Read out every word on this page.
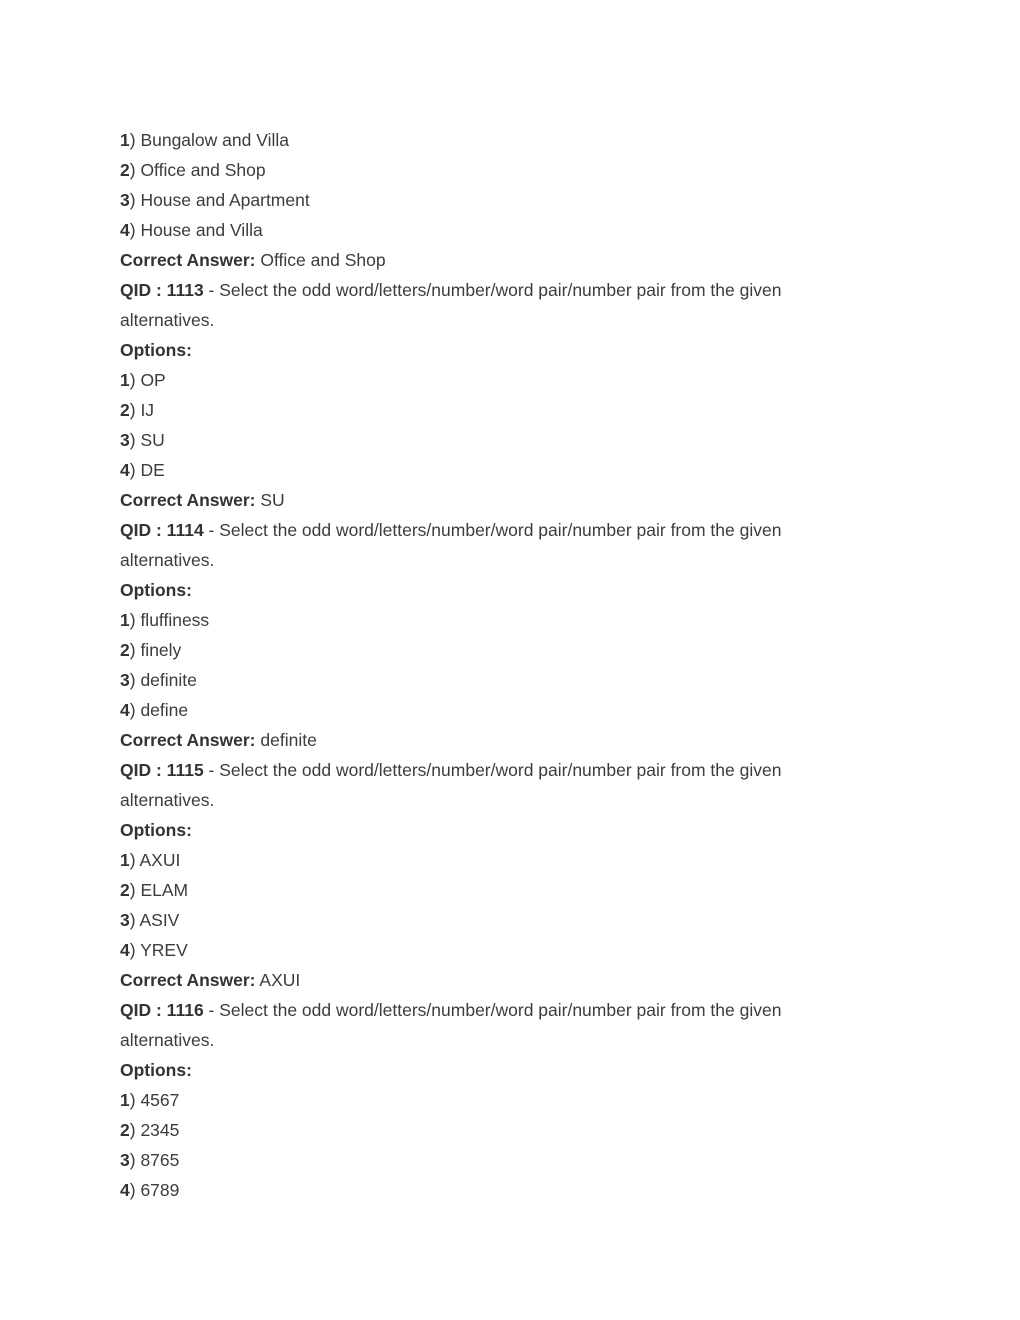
1) Bungalow and Villa
2) Office and Shop
3) House and Apartment
4) House and Villa
Correct Answer: Office and Shop
QID : 1113 - Select the odd word/letters/number/word pair/number pair from the given alternatives.
Options:
1) OP
2) IJ
3) SU
4) DE
Correct Answer: SU
QID : 1114 - Select the odd word/letters/number/word pair/number pair from the given alternatives.
Options:
1) fluffiness
2) finely
3) definite
4) define
Correct Answer: definite
QID : 1115 - Select the odd word/letters/number/word pair/number pair from the given alternatives.
Options:
1) AXUI
2) ELAM
3) ASIV
4) YREV
Correct Answer: AXUI
QID : 1116 - Select the odd word/letters/number/word pair/number pair from the given alternatives.
Options:
1) 4567
2) 2345
3) 8765
4) 6789
